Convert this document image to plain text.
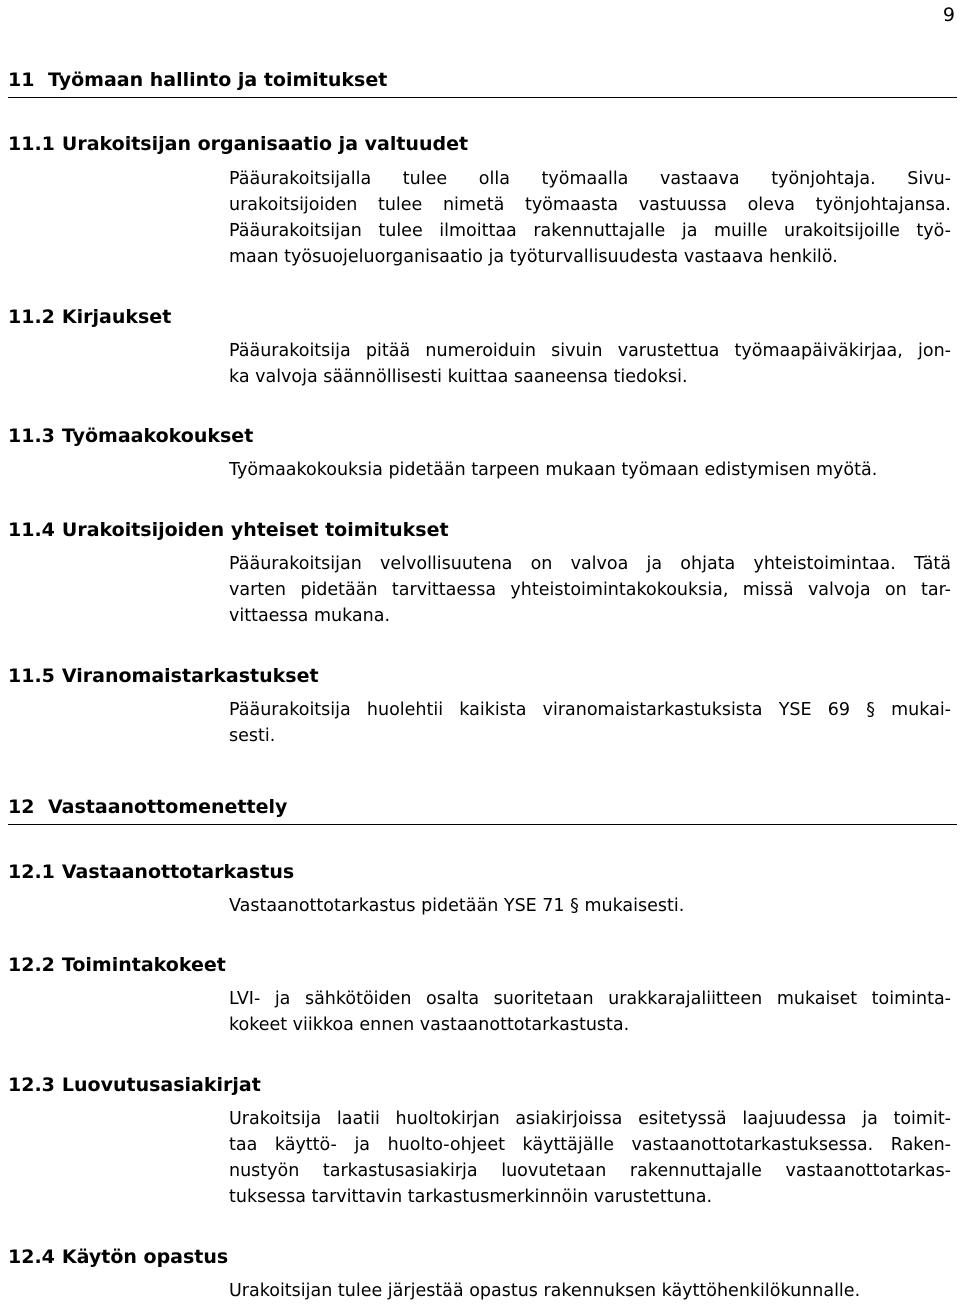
9
11 Työmaan hallinto ja toimitukset
11.1 Urakoitsijan organisaatio ja valtuudet
Pääurakoitsijalla tulee olla työmaalla vastaava työnjohtaja. Sivu-
urakoitsijoiden tulee nimetä työmaasta vastuussa oleva työnjohtajansa.
Pääurakoitsijan tulee ilmoittaa rakennuttajalle ja muille urakoitsijoille työ-
maan työsuojeluorganisaatio ja työturvallisuudesta vastaava henkilö.
11.2 Kirjaukset
Pääurakoitsija pitää numeroiduin sivuin varustettua työmaapäiväkirjaa, jon-
ka valvoja säännöllisesti kuittaa saaneensa tiedoksi.
11.3 Työmaakokoukset
Työmaakokouksia pidetään tarpeen mukaan työmaan edistymisen myötä.
11.4 Urakoitsijoiden yhteiset toimitukset
Pääurakoitsijan velvollisuutena on valvoa ja ohjata yhteistoimintaa. Tätä
varten pidetään tarvittaessa yhteistoimintakokouksia, missä valvoja on tar-
vittaessa mukana.
11.5 Viranomaistarkastukset
Pääurakoitsija huolehtii kaikista viranomaistarkastuksista YSE 69 § mukai-
sesti.
12 Vastaanottomenettely
12.1 Vastaanottotarkastus
Vastaanottotarkastus pidetään YSE 71 § mukaisesti.
12.2 Toimintakokeet
LVI- ja sähkötöiden osalta suoritetaan urakkarajaliitteen mukaiset toiminta-
kokeet viikkoa ennen vastaanottotarkastusta.
12.3 Luovutusasiakirjat
Urakoitsija laatii huoltokirjan asiakirjoissa esitetyssä laajuudessa ja toimit-
taa käyttö- ja huolto-ohjeet käyttäjälle vastaanottotarkastuksessa. Raken-
nustyön tarkastusasiakirja luovutetaan rakennuttajalle vastaanottotarkas-
tuksessa tarvittavin tarkastusmerkinnöin varustettuna.
12.4 Käytön opastus
Urakoitsijan tulee järjestää opastus rakennuksen käyttöhenkilökunnalle.
